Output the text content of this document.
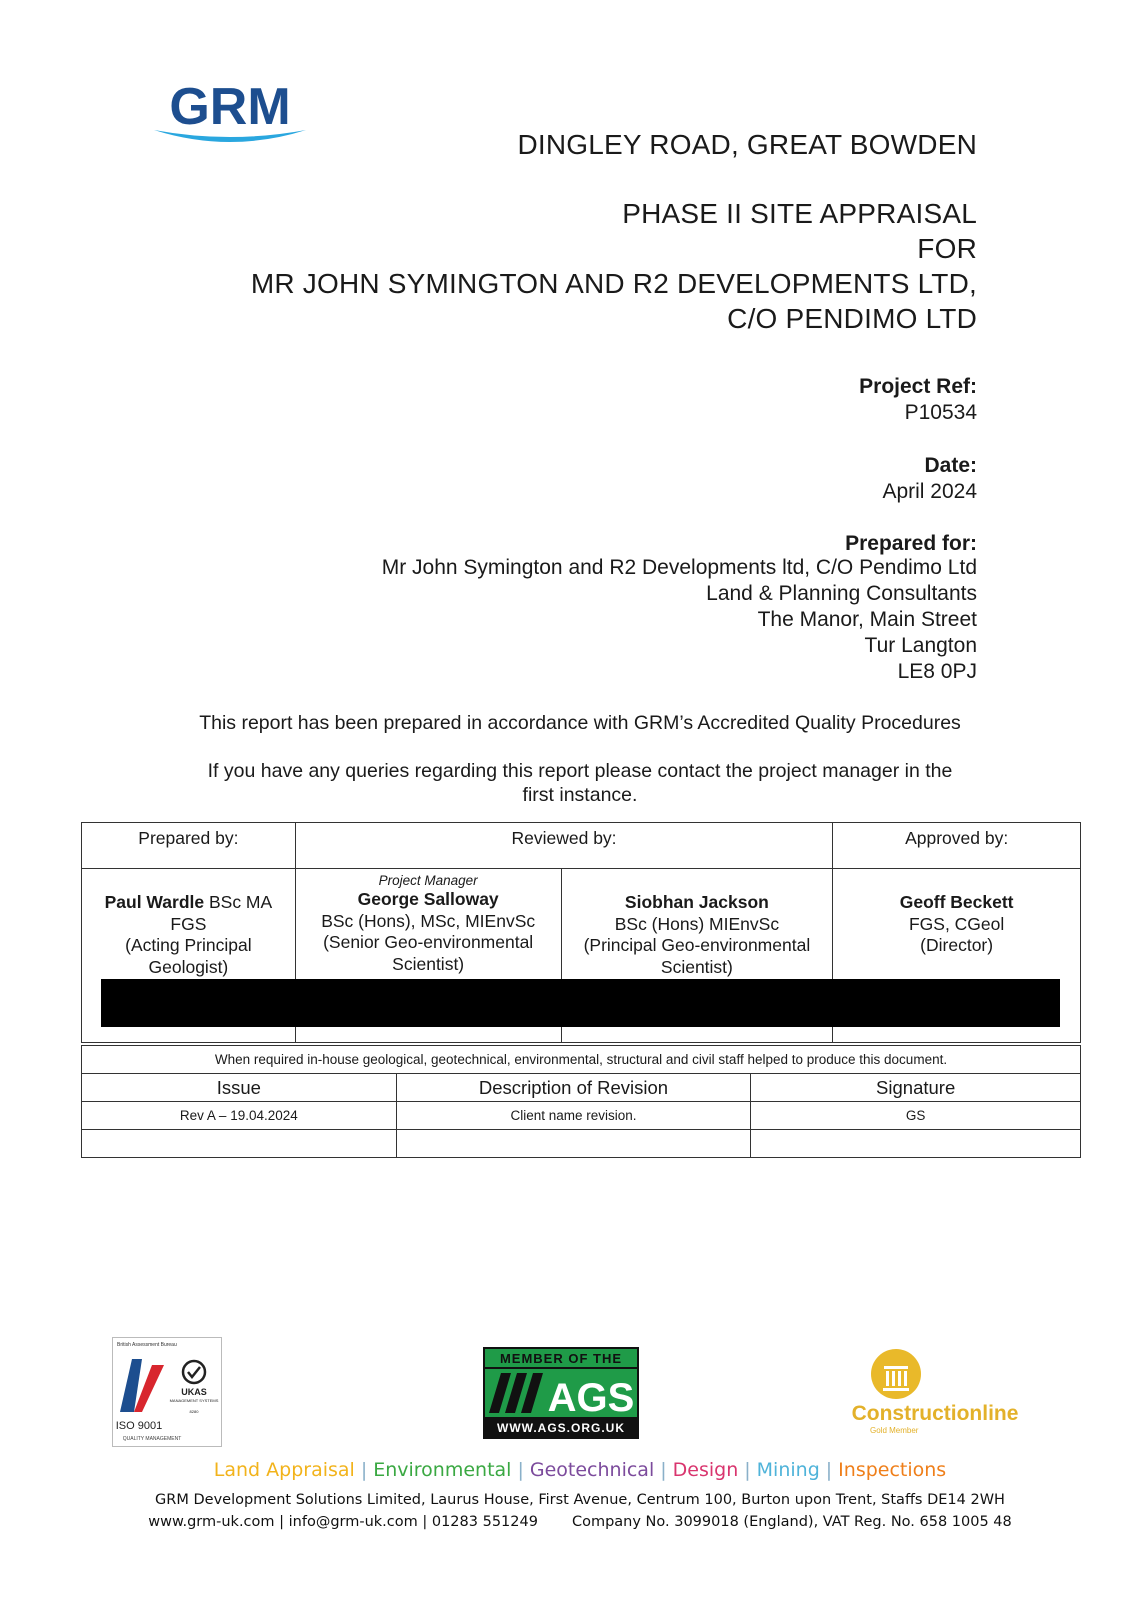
GRM
DINGLEY ROAD, GREAT BOWDEN
PHASE II SITE APPRAISAL
FOR
MR JOHN SYMINGTON AND R2 DEVELOPMENTS LTD,
C/O PENDIMO LTD
Project Ref:
P10534
Date:
April 2024
Prepared for:
Mr John Symington and R2 Developments ltd, C/O Pendimo Ltd
Land & Planning Consultants
The Manor, Main Street
Tur Langton
LE8 0PJ
This report has been prepared in accordance with GRM’s Accredited Quality Procedures
If you have any queries regarding this report please contact the project manager in the
first instance.
Prepared by:	Reviewed by:		Approved by:

Paul Wardle BSc MA
FGS
(Acting Principal
Geologist)	Project Manager
George Salloway
BSc (Hons), MSc, MIEnvSc
(Senior Geo-environmental
Scientist)	Siobhan Jackson
BSc (Hons) MIEnvSc
(Principal Geo-environmental
Scientist)	Geoff Beckett
FGS, CGeol
(Director)
When required in-house geological, geotechnical, environmental, structural and civil staff helped to produce this document.		
Issue	Description of Revision	Signature
Rev A – 19.04.2024	Client name revision.	GS

British Assessment Bureau
UKAS
MANAGEMENT SYSTEMS
8280
ISO 9001
QUALITY MANAGEMENT
MEMBER OF THE
AGS
WWW.AGS.ORG.UK
Constructionline
Gold Member
Land Appraisal | Environmental | Geotechnical | Design | Mining | Inspections
GRM Development Solutions Limited, Laurus House, First Avenue, Centrum 100, Burton upon Trent, Staffs DE14 2WH
www.grm-uk.com | info@grm-uk.com | 01283 551249 Company No. 3099018 (England), VAT Reg. No. 658 1005 48
